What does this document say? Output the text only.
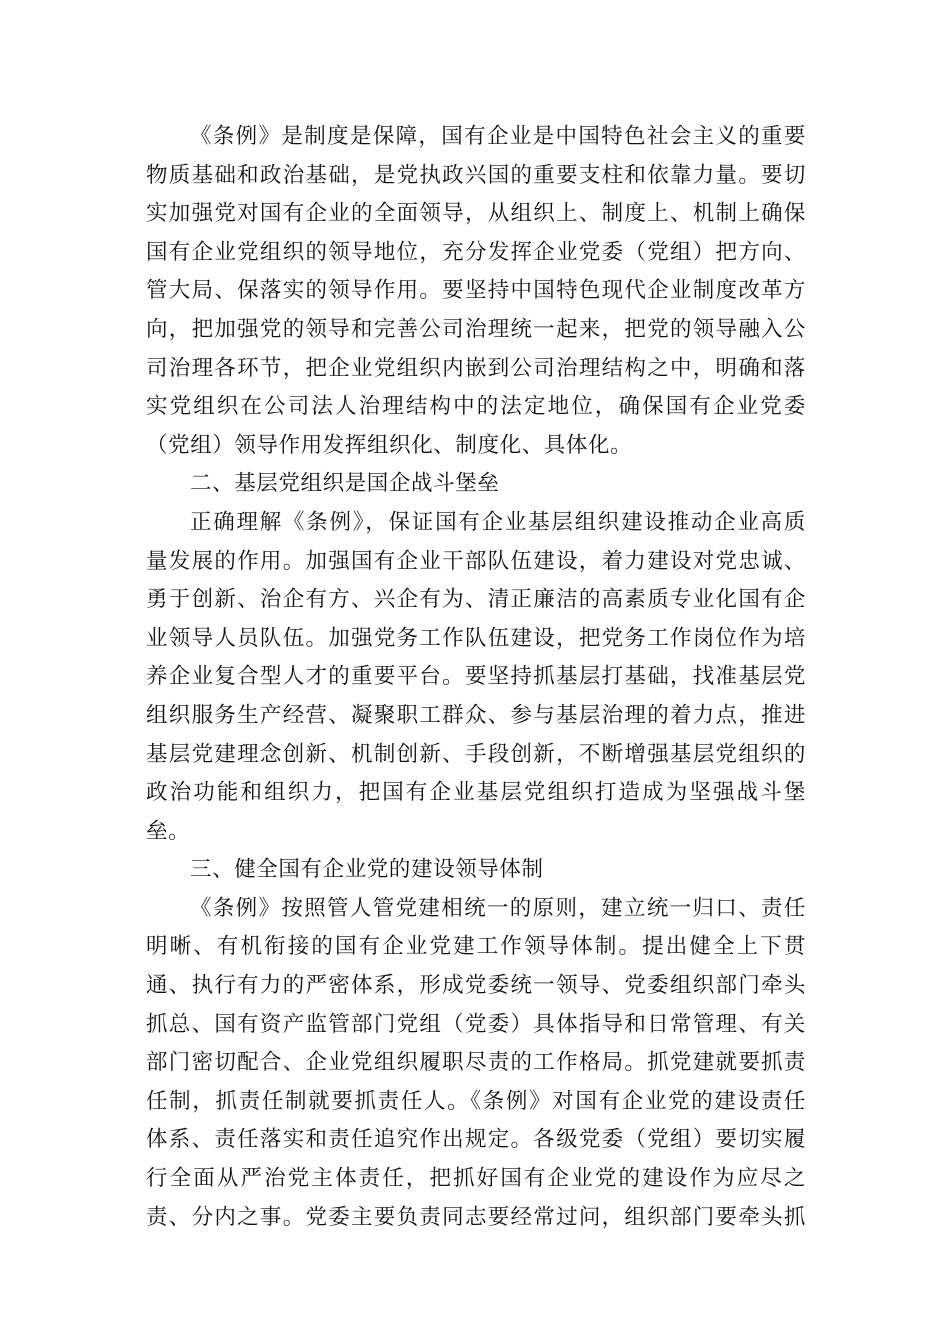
《条例》是制度是保障，国有企业是中国特色社会主义的重要
物质基础和政治基础，是党执政兴国的重要支柱和依靠力量。要切
实加强党对国有企业的全面领导，从组织上、制度上、机制上确保
国有企业党组织的领导地位，充分发挥企业党委（党组）把方向、
管大局、保落实的领导作用。要坚持中国特色现代企业制度改革方
向，把加强党的领导和完善公司治理统一起来，把党的领导融入公
司治理各环节，把企业党组织内嵌到公司治理结构之中，明确和落
实党组织在公司法人治理结构中的法定地位，确保国有企业党委
（党组）领导作用发挥组织化、制度化、具体化。
二、基层党组织是国企战斗堡垒
正确理解《条例》，保证国有企业基层组织建设推动企业高质
量发展的作用。加强国有企业干部队伍建设，着力建设对党忠诚、
勇于创新、治企有方、兴企有为、清正廉洁的高素质专业化国有企
业领导人员队伍。加强党务工作队伍建设，把党务工作岗位作为培
养企业复合型人才的重要平台。要坚持抓基层打基础，找准基层党
组织服务生产经营、凝聚职工群众、参与基层治理的着力点，推进
基层党建理念创新、机制创新、手段创新，不断增强基层党组织的
政治功能和组织力，把国有企业基层党组织打造成为坚强战斗堡
垒。
三、健全国有企业党的建设领导体制
《条例》按照管人管党建相统一的原则，建立统一归口、责任
明晰、有机衔接的国有企业党建工作领导体制。提出健全上下贯
通、执行有力的严密体系，形成党委统一领导、党委组织部门牵头
抓总、国有资产监管部门党组（党委）具体指导和日常管理、有关
部门密切配合、企业党组织履职尽责的工作格局。抓党建就要抓责
任制，抓责任制就要抓责任人。《条例》对国有企业党的建设责任
体系、责任落实和责任追究作出规定。各级党委（党组）要切实履
行全面从严治党主体责任，把抓好国有企业党的建设作为应尽之
责、分内之事。党委主要负责同志要经常过问，组织部门要牵头抓
